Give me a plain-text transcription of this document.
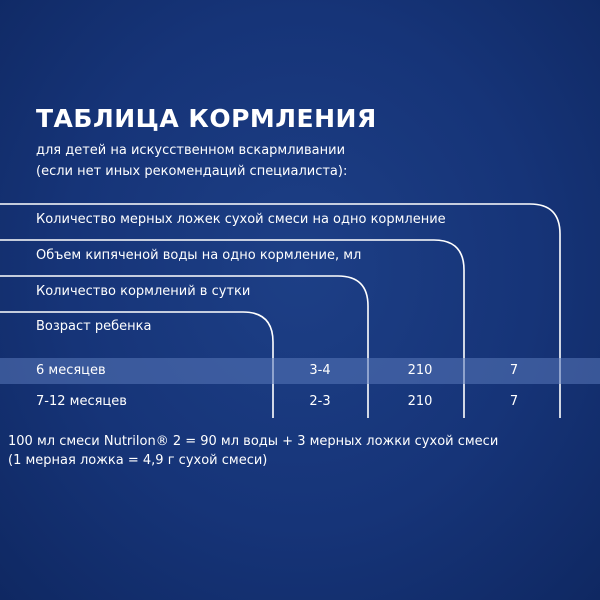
ТАБЛИЦА КОРМЛЕНИЯ
для детей на искусственном вскармливании
(если нет иных рекомендаций специалиста):
Количество мерных ложек сухой смеси на одно кормление
Объем кипяченой воды на одно кормление, мл
Количество кормлений в сутки
Возраст ребенка
6 месяцев	3-4	210	7
7-12 месяцев	2-3	210	7
100 мл смеси Nutrilon® 2 = 90 мл воды + 3 мерных ложки сухой смеси
(1 мерная ложка = 4,9 г сухой смеси)
